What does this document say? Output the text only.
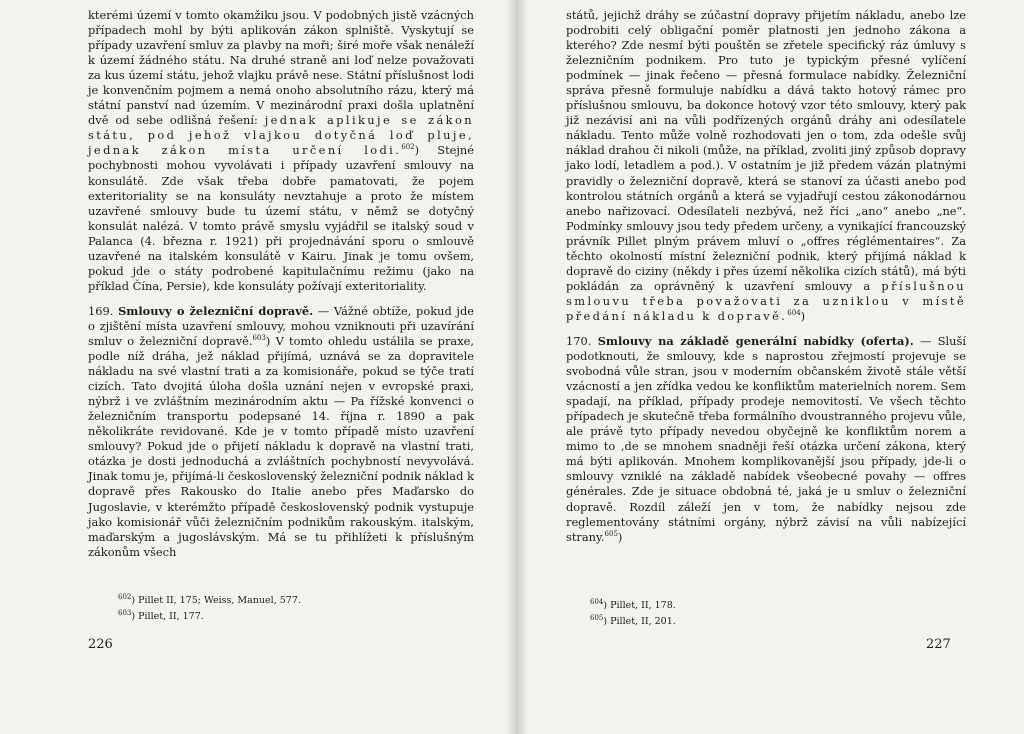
kterémi území v tomto okamžiku jsou. V podobných jistě vzácných případech mohl by býti aplikován zákon splniště. Vyskytují se případy uzavření smluv za plavby na moři; širé moře však nenáleží k území žádného státu. Na druhé straně ani loď nelze považovati za kus území státu, jehož vlajku právě nese. Státní příslušnost lodi je konvenčním pojmem a nemá onoho absolutního rázu, který má státní panství nad územím. V mezinárodní praxi došla uplatnění dvě od sebe odlišná řešení: jednak aplikuje se zákon státu, pod jehož vlajkou dotyčná loď pluje, jednak zákon místa určení lodi.$^{602}$) Stejné pochybnosti mohou vyvolávati i případy uzavření smlouvy na konsulátě. Zde však třeba dobře pamatovati, že pojem exteritoriality se na konsuláty nevztahuje a proto že místem uzavřené smlouvy bude tu území státu, v němž se dotyčný konsulát nalézá. V tomto právě smyslu vyjádřil se italský soud v Palanca (4. března r. 1921) při projednávání sporu o smlouvě uzavřené na italském konsulátě v Kairu. Jinak je tomu ovšem, pokud jde o státy podrobené kapitulačnímu režimu (jako na příklad Čína, Persie), kde konsuláty požívají exteritoriality.

169. Smlouvy o železniční dopravě. — Vážné obtíže, pokud jde o zjištění místa uzavření smlouvy, mohou vzniknouti při uzavírání smluv o železniční dopravě.$^{603}$) V tomto ohledu ustálila se praxe, podle níž dráha, jež náklad přijímá, uznává se za dopravitele nákladu na své vlastní trati a za komisionáře, pokud se týče tratí cizích. Tato dvojitá úloha došla uznání nejen v evropské praxi, nýbrž i ve zvláštním mezinárodním aktu — Pa řížské konvenci o železničním transportu podepsané 14. října r. 1890 a pak několikráte revidované. Kde je v tomto případě místo uzavření smlouvy? Pokud jde o přijetí nákladu k dopravě na vlastní trati, otázka je dosti jednoduchá a zvláštních pochybností nevyvolává. Jinak tomu je, přijímá-li československý železniční podnik náklad k dopravě přes Rakousko do Italie anebo přes Maďarsko do Jugoslavie, v kterémžto případě československý podnik vystupuje jako komisionář vůči železničním podnikům rakouským. italským, maďarským a jugoslávským. Má se tu přihlížeti k příslušným zákonům všech

$^{602}$) Pillet II, 175; Weiss, Manuel, 577.
$^{603}$) Pillet, II, 177.
226

států, jejichž dráhy se zúčastní dopravy přijetím nákladu, anebo lze podrobiti celý obligační poměr platnosti jen jednoho zákona a kterého? Zde nesmí býti pouštěn se zřetele specifický ráz úmluvy s železničním podnikem. Pro tuto je typickým přesné vylíčení podmínek — jinak řečeno — přesná formulace nabídky. Železniční správa přesně formuluje nabídku a dává takto hotový rámec pro příslušnou smlouvu, ba dokonce hotový vzor této smlouvy, který pak již nezávisí ani na vůli podřízených orgánů dráhy ani odesílatele nákladu. Tento může volně rozhodovati jen o tom, zda odešle svůj náklad drahou či nikoli (může, na příklad, zvoliti jiný způsob dopravy jako lodí, letadlem a pod.). V ostatním je již předem vázán platnými pravidly o železniční dopravě, která se stanoví za účasti anebo pod kontrolou státních orgánů a která se vyjadřují cestou zákonodárnou anebo nařizovací. Odesílateli nezbývá, než říci „ano“ anebo „ne“. Podmínky smlouvy jsou tedy předem určeny, a vynikající francouzský právník Pillet plným právem mluví o „offres réglémentaires“. Za těchto okolností místní železniční podnik, který přijímá náklad k dopravě do ciziny (někdy i přes území několika cizích států), má býti pokládán za oprávněný k uzavření smlouvy a příslušnou smlouvu třeba považovati za uzniklou v místě předání nákladu k dopravě.$^{604}$)

170. Smlouvy na základě generální nabídky (oferta). — Sluší podotknouti, že smlouvy, kde s naprostou zřejmostí projevuje se svobodná vůle stran, jsou v moderním občanském životě stále větší vzácností a jen zřídka vedou ke konfliktům materielních norem. Sem spadají, na příklad, případy prodeje nemovitostí. Ve všech těchto případech je skutečně třeba formálního dvoustranného projevu vůle, ale právě tyto případy nevedou obyčejně ke konfliktům norem a mimo to ,de se mnohem snadněji řeší otázka určení zákona, který má býti aplikován. Mnohem komplikovanější jsou případy, jde-li o smlouvy vzniklé na základě nabídek všeobecné povahy — offres générales. Zde je situace obdobná té, jaká je u smluv o železniční dopravě. Rozdíl záleží jen v tom, že nabídky nejsou zde reglementovány státními orgány, nýbrž závisí na vůli nabízející strany.$^{605}$)

$^{604}$) Pillet, II, 178.
$^{605}$) Pillet, II, 201.
227
